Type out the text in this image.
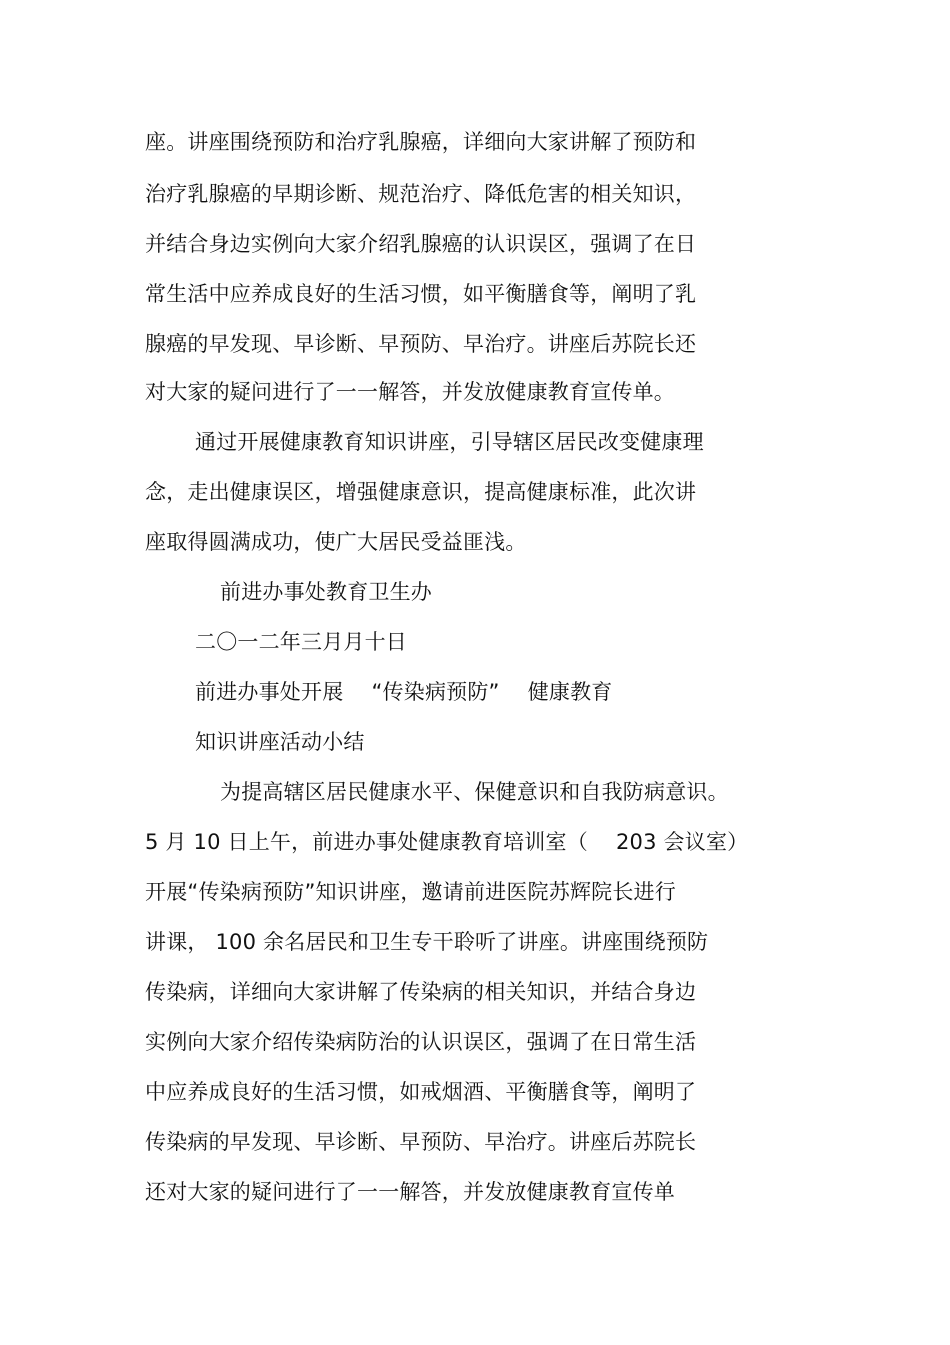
座。讲座围绕预防和治疗乳腺癌，详细向大家讲解了预防和
治疗乳腺癌的早期诊断、规范治疗、降低危害的相关知识，
并结合身边实例向大家介绍乳腺癌的认识误区，强调了在日
常生活中应养成良好的生活习惯，如平衡膳食等，阐明了乳
腺癌的早发现、早诊断、早预防、早治疗。讲座后苏院长还
对大家的疑问进行了一一解答，并发放健康教育宣传单。
通过开展健康教育知识讲座，引导辖区居民改变健康理
念，走出健康误区，增强健康意识，提高健康标准，此次讲
座取得圆满成功，使广大居民受益匪浅。
前进办事处教育卫生办
二〇一二年三月月十日
前进办事处开展　 “传染病预防”　 健康教育
知识讲座活动小结
为提高辖区居民健康水平、保健意识和自我防病意识。
5 月 10 日上午，前进办事处健康教育培训室（　 203 会议室）
开展“传染病预防”知识讲座，邀请前进医院苏辉院长进行
讲课， 100 余名居民和卫生专干聆听了讲座。讲座围绕预防
传染病，详细向大家讲解了传染病的相关知识，并结合身边
实例向大家介绍传染病防治的认识误区，强调了在日常生活
中应养成良好的生活习惯，如戒烟酒、平衡膳食等，阐明了
传染病的早发现、早诊断、早预防、早治疗。讲座后苏院长
还对大家的疑问进行了一一解答，并发放健康教育宣传单
